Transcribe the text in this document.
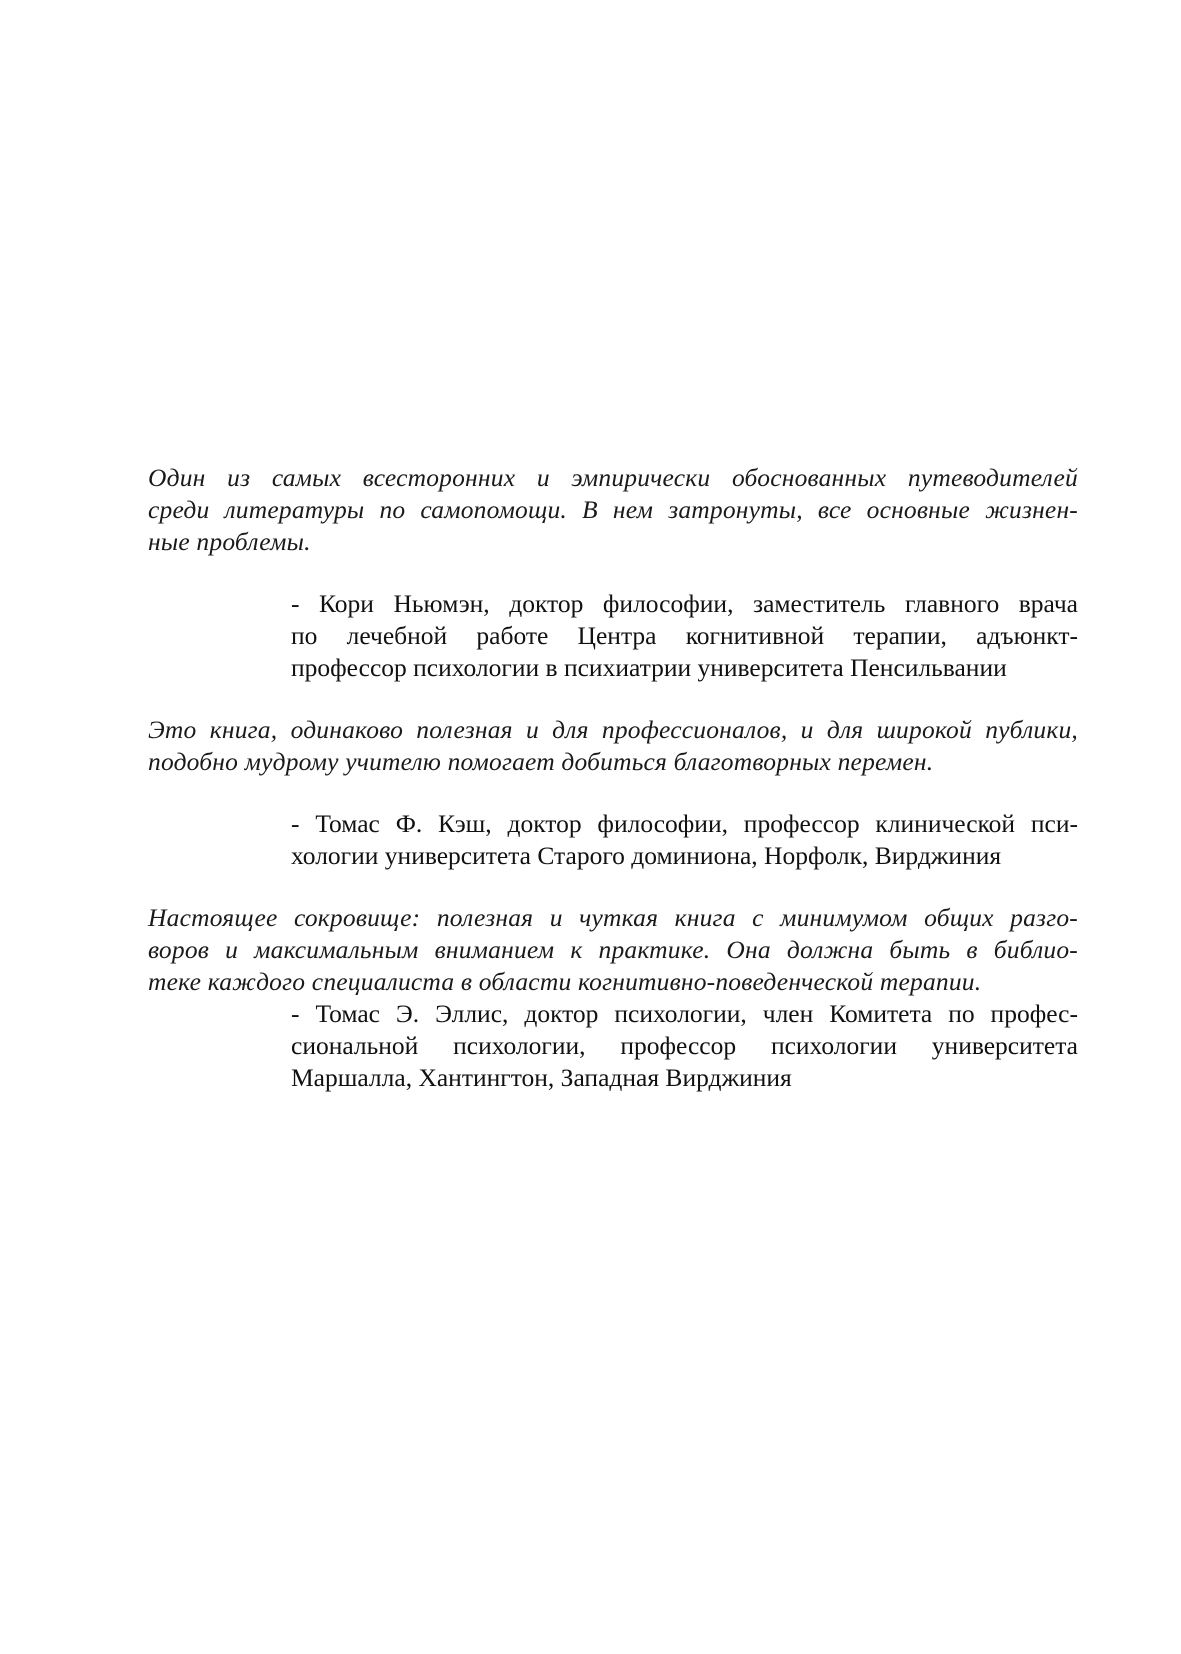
Один из самых всесторонних и эмпирически обоснованных путеводителей
среди литературы по самопомощи. В нем затронуты, все основные жизнен-
ные проблемы.

- Кори Ньюмэн, доктор философии, заместитель главного врача
по лечебной работе Центра когнитивной терапии, адъюнкт-
профессор психологии в психиатрии университета Пенсильвании

Это книга, одинаково полезная и для профессионалов, и для широкой публики,
подобно мудрому учителю помогает добиться благотворных перемен.

- Томас Ф. Кэш, доктор философии, профессор клинической пси-
хологии университета Старого доминиона, Норфолк, Вирджиния

Настоящее сокровище: полезная и чуткая книга с минимумом общих разго-
воров и максимальным вниманием к практике. Она должна быть в библио-
теке каждого специалиста в области когнитивно-поведенческой терапии.

- Томас Э. Эллис, доктор психологии, член Комитета по профес-
сиональной психологии, профессор психологии университета
Маршалла, Хантингтон, Западная Вирджиния
